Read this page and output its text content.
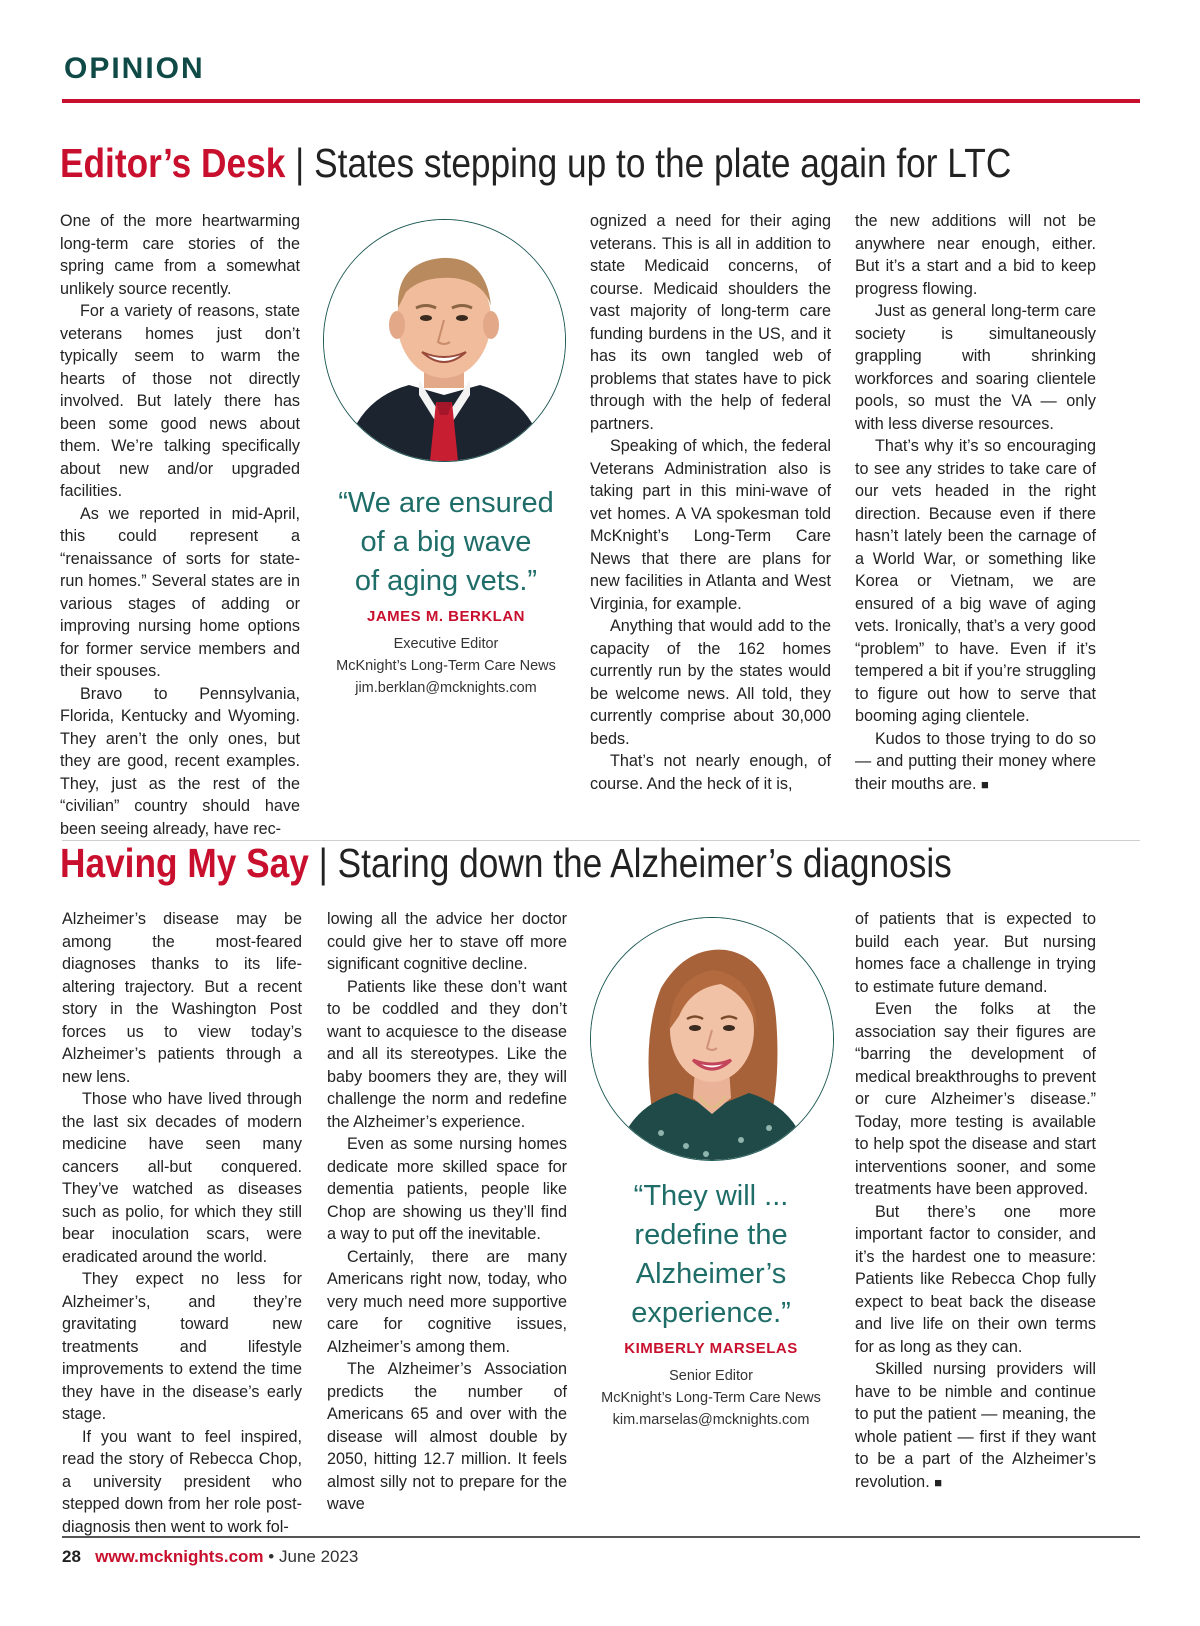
OPINION
Editor’s Desk | States stepping up to the plate again for LTC

One of the more heartwarming long-term care stories of the spring came from a somewhat unlikely source recently.

For a variety of reasons, state veterans homes just don’t typically seem to warm the hearts of those not directly involved. But lately there has been some good news about them. We’re talking specifically about new and/or upgraded facilities.

As we reported in mid-April, this could represent a “renaissance of sorts for state-run homes.” Several states are in various stages of adding or improving nursing home options for former service members and their spouses.

Bravo to Pennsylvania, Florida, Kentucky and Wyoming. They aren’t the only ones, but they are good, recent examples. They, just as the rest of the “civilian” country should have been seeing already, have rec-

“We are ensured
of a big wave
of aging vets.”
JAMES M. BERKLAN
Executive Editor
McKnight’s Long-Term Care News
jim.berklan@mcknights.com

ognized a need for their aging veterans. This is all in addition to state Medicaid concerns, of course. Medicaid shoulders the vast majority of long-term care funding burdens in the US, and it has its own tangled web of problems that states have to pick through with the help of federal partners.

Speaking of which, the federal Veterans Administration also is taking part in this mini-wave of vet homes. A VA spokesman told McKnight’s Long-Term Care News that there are plans for new facilities in Atlanta and West Virginia, for example.

Anything that would add to the capacity of the 162 homes currently run by the states would be welcome news. All told, they currently comprise about 30,000 beds.

That’s not nearly enough, of course. And the heck of it is,

the new additions will not be anywhere near enough, either. But it’s a start and a bid to keep progress flowing.

Just as general long-term care society is simultaneously grappling with shrinking workforces and soaring clientele pools, so must the VA — only with less diverse resources.

That’s why it’s so encouraging to see any strides to take care of our vets headed in the right direction. Because even if there hasn’t lately been the carnage of a World War, or something like Korea or Vietnam, we are ensured of a big wave of aging vets. Ironically, that’s a very good “problem” to have. Even if it’s tempered a bit if you’re struggling to figure out how to serve that booming aging clientele.

Kudos to those trying to do so — and putting their money where their mouths are. ■

Having My Say | Staring down the Alzheimer’s diagnosis

Alzheimer’s disease may be among the most-feared diagnoses thanks to its life-altering trajectory. But a recent story in the Washington Post forces us to view today’s Alzheimer’s patients through a new lens.

Those who have lived through the last six decades of modern medicine have seen many cancers all-but conquered. They’ve watched as diseases such as polio, for which they still bear inoculation scars, were eradicated around the world.

They expect no less for Alzheimer’s, and they’re gravitating toward new treatments and lifestyle improvements to extend the time they have in the disease’s early stage.

If you want to feel inspired, read the story of Rebecca Chop, a university president who stepped down from her role post-diagnosis then went to work fol-

lowing all the advice her doctor could give her to stave off more significant cognitive decline.

Patients like these don’t want to be coddled and they don’t want to acquiesce to the disease and all its stereotypes. Like the baby boomers they are, they will challenge the norm and redefine the Alzheimer’s experience.

Even as some nursing homes dedicate more skilled space for dementia patients, people like Chop are showing us they’ll find a way to put off the inevitable.

Certainly, there are many Americans right now, today, who very much need more supportive care for cognitive issues, Alzheimer’s among them.

The Alzheimer’s Association predicts the number of Americans 65 and over with the disease will almost double by 2050, hitting 12.7 million. It feels almost silly not to prepare for the wave

“They will ...
redefine the
Alzheimer’s
experience.”
KIMBERLY MARSELAS
Senior Editor
McKnight’s Long-Term Care News
kim.marselas@mcknights.com

of patients that is expected to build each year. But nursing homes face a challenge in trying to estimate future demand.

Even the folks at the association say their figures are “barring the development of medical breakthroughs to prevent or cure Alzheimer’s disease.” Today, more testing is available to help spot the disease and start interventions sooner, and some treatments have been approved.

But there’s one more important factor to consider, and it’s the hardest one to measure: Patients like Rebecca Chop fully expect to beat back the disease and live life on their own terms for as long as they can.

Skilled nursing providers will have to be nimble and continue to put the patient — meaning, the whole patient — first if they want to be a part of the Alzheimer’s revolution. ■

28 www.mcknights.com • June 2023
